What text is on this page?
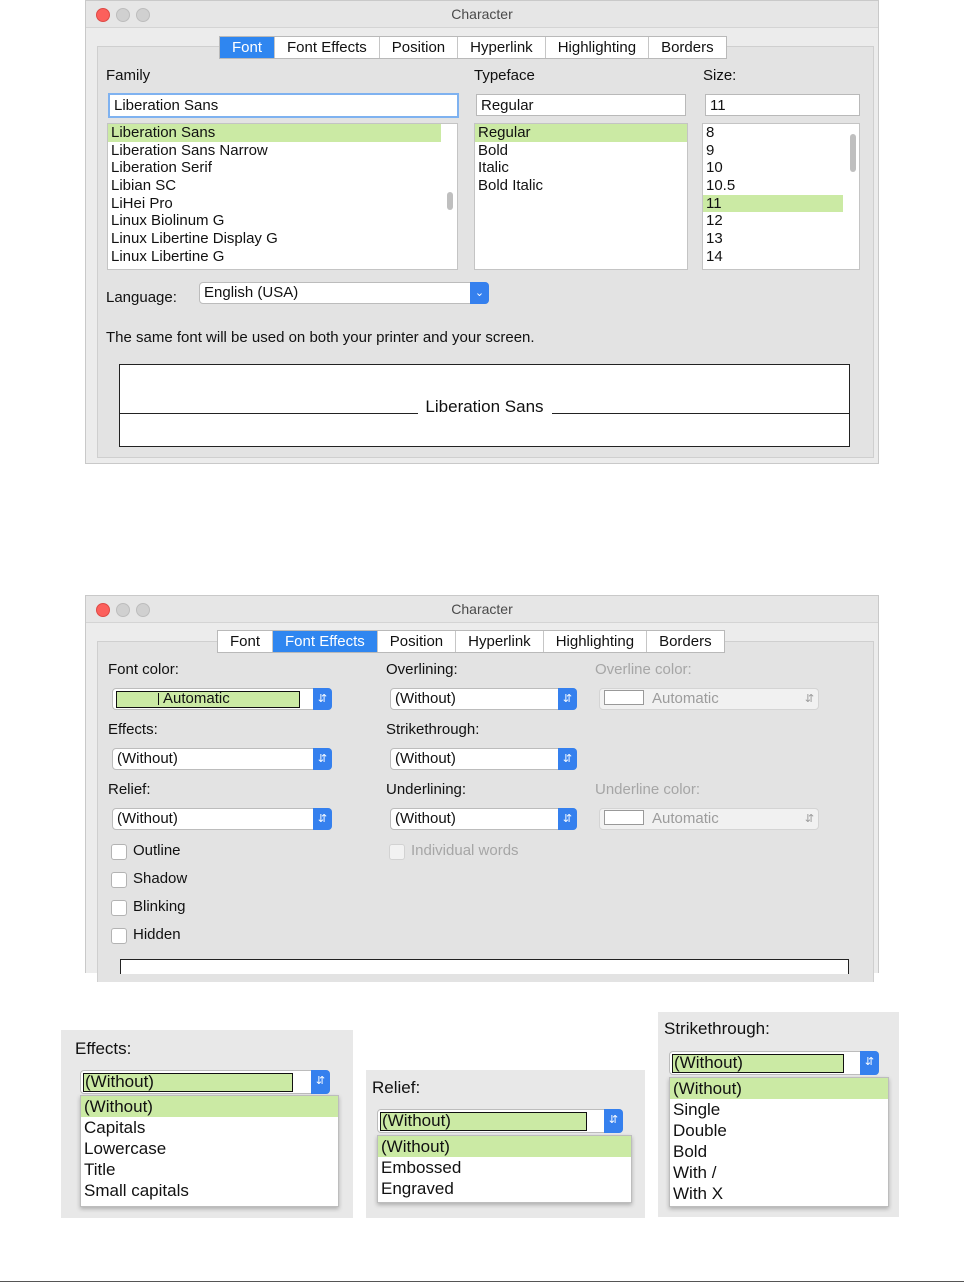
Character
Font	Font Effects	Position	Hyperlink	Highlighting	Borders
Family	Typeface	Size:
Liberation Sans	Regular	11
Liberation Sans
Liberation Sans Narrow
Liberation Serif
Libian SC
LiHei Pro
Linux Biolinum G
Linux Libertine Display G
Linux Libertine G
Regular
Bold
Italic
Bold Italic
8
9
10
10.5
11
12
13
14
Language:	English (USA)	⌄
The same font will be used on both your printer and your screen.
Liberation Sans
Character
Font	Font Effects	Position	Hyperlink	Highlighting	Borders
Font color:
Automatic	⇵
Effects:
(Without)	⇵
Relief:
(Without)	⇵
Outline
Shadow
Blinking
Hidden
Overlining:
(Without)	⇵
Strikethrough:
(Without)	⇵
Underlining:
(Without)	⇵
Individual words
Overline color:
Automatic	⇵
Underline color:
Automatic	⇵
Effects:
(Without)	⇵
(Without)
Capitals
Lowercase
Title
Small capitals
Relief:
(Without)	⇵
(Without)
Embossed
Engraved
Strikethrough:
(Without)	⇵
(Without)
Single
Double
Bold
With /
With X
